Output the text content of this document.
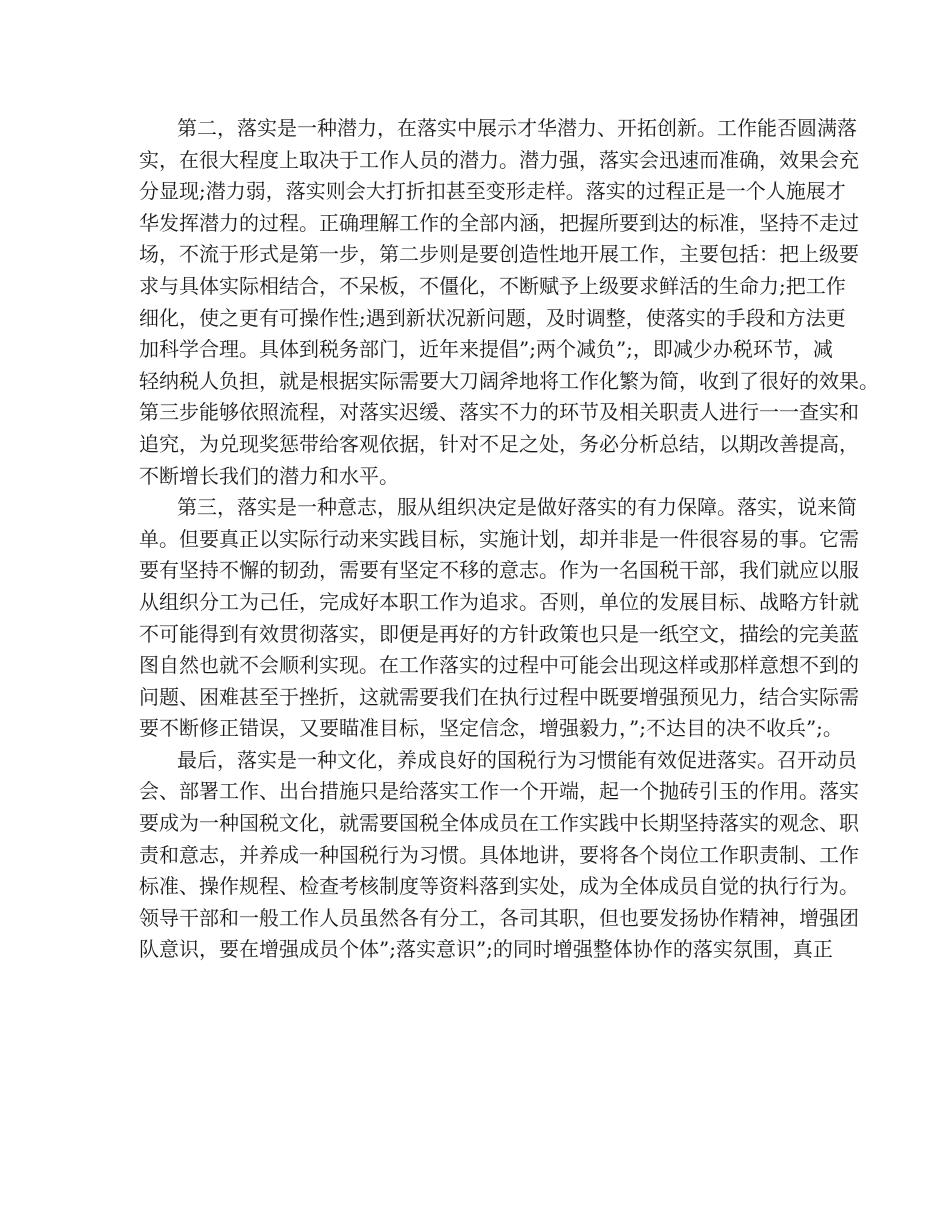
第二，落实是一种潜力，在落实中展示才华潜力、开拓创新。工作能否圆满落
实，在很大程度上取决于工作人员的潜力。潜力强，落实会迅速而准确，效果会充
分显现;潜力弱，落实则会大打折扣甚至变形走样。落实的过程正是一个人施展才
华发挥潜力的过程。正确理解工作的全部内涵，把握所要到达的标准，坚持不走过
场，不流于形式是第一步，第二步则是要创造性地开展工作，主要包括：把上级要
求与具体实际相结合，不呆板，不僵化，不断赋予上级要求鲜活的生命力;把工作
细化，使之更有可操作性;遇到新状况新问题，及时调整，使落实的手段和方法更
加科学合理。具体到税务部门，近年来提倡”;两个减负”;，即减少办税环节，减
轻纳税人负担，就是根据实际需要大刀阔斧地将工作化繁为简，收到了很好的效果。
第三步能够依照流程，对落实迟缓、落实不力的环节及相关职责人进行一一查实和
追究，为兑现奖惩带给客观依据，针对不足之处，务必分析总结，以期改善提高，
不断增长我们的潜力和水平。
第三，落实是一种意志，服从组织决定是做好落实的有力保障。落实，说来简
单。但要真正以实际行动来实践目标，实施计划，却并非是一件很容易的事。它需
要有坚持不懈的韧劲，需要有坚定不移的意志。作为一名国税干部，我们就应以服
从组织分工为己任，完成好本职工作为追求。否则，单位的发展目标、战略方针就
不可能得到有效贯彻落实，即便是再好的方针政策也只是一纸空文，描绘的完美蓝
图自然也就不会顺利实现。在工作落实的过程中可能会出现这样或那样意想不到的
问题、困难甚至于挫折，这就需要我们在执行过程中既要增强预见力，结合实际需
要不断修正错误，又要瞄准目标，坚定信念，增强毅力，”;不达目的决不收兵”;。
最后，落实是一种文化，养成良好的国税行为习惯能有效促进落实。召开动员
会、部署工作、出台措施只是给落实工作一个开端，起一个抛砖引玉的作用。落实
要成为一种国税文化，就需要国税全体成员在工作实践中长期坚持落实的观念、职
责和意志，并养成一种国税行为习惯。具体地讲，要将各个岗位工作职责制、工作
标准、操作规程、检查考核制度等资料落到实处，成为全体成员自觉的执行行为。
领导干部和一般工作人员虽然各有分工，各司其职，但也要发扬协作精神，增强团
队意识，要在增强成员个体”;落实意识”;的同时增强整体协作的落实氛围，真正
